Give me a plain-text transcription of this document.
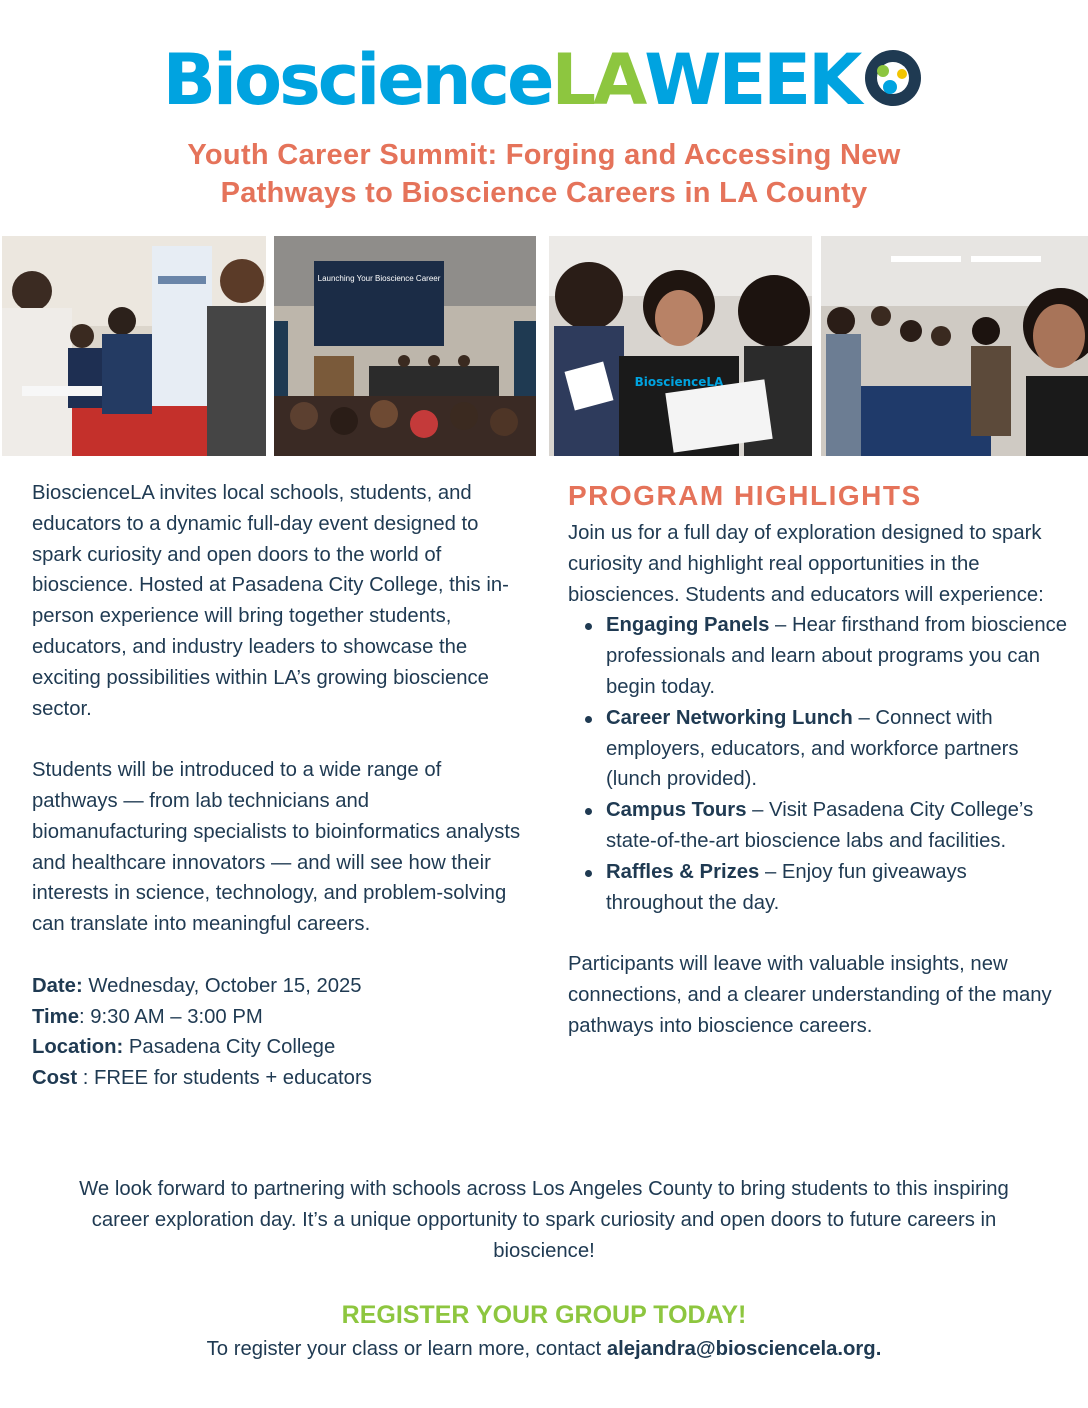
BioscienceLAWEEK
Youth Career Summit: Forging and Accessing New
Pathways to Bioscience Careers in LA County
Launching Your Bioscience Career
BioscienceLA

BioscienceLA invites local schools, students, and educators to a dynamic full-day event designed to spark curiosity and open doors to the world of bioscience. Hosted at Pasadena City College, this in-person experience will bring together students, educators, and industry leaders to showcase the exciting possibilities within LA’s growing bioscience sector.

Students will be introduced to a wide range of pathways — from lab technicians and biomanufacturing specialists to bioinformatics analysts and healthcare innovators — and will see how their interests in science, technology, and problem-solving can translate into meaningful careers.

Date: Wednesday, October 15, 2025
Time: 9:30 AM – 3:00 PM
Location: Pasadena City College
Cost : FREE for students + educators
PROGRAM HIGHLIGHTS

Join us for a full day of exploration designed to spark curiosity and highlight real opportunities in the biosciences. Students and educators will experience:

Engaging Panels – Hear firsthand from bioscience professionals and learn about programs you can begin today.
Career Networking Lunch – Connect with employers, educators, and workforce partners (lunch provided).
Campus Tours – Visit Pasadena City College’s state-of-the-art bioscience labs and facilities.
Raffles & Prizes – Enjoy fun giveaways throughout the day.

Participants will leave with valuable insights, new connections, and a clearer understanding of the many pathways into bioscience careers.

We look forward to partnering with schools across Los Angeles County to bring students to this inspiring career exploration day. It’s a unique opportunity to spark curiosity and open doors to future careers in bioscience!
REGISTER YOUR GROUP TODAY!
To register your class or learn more, contact alejandra@biosciencela.org.
